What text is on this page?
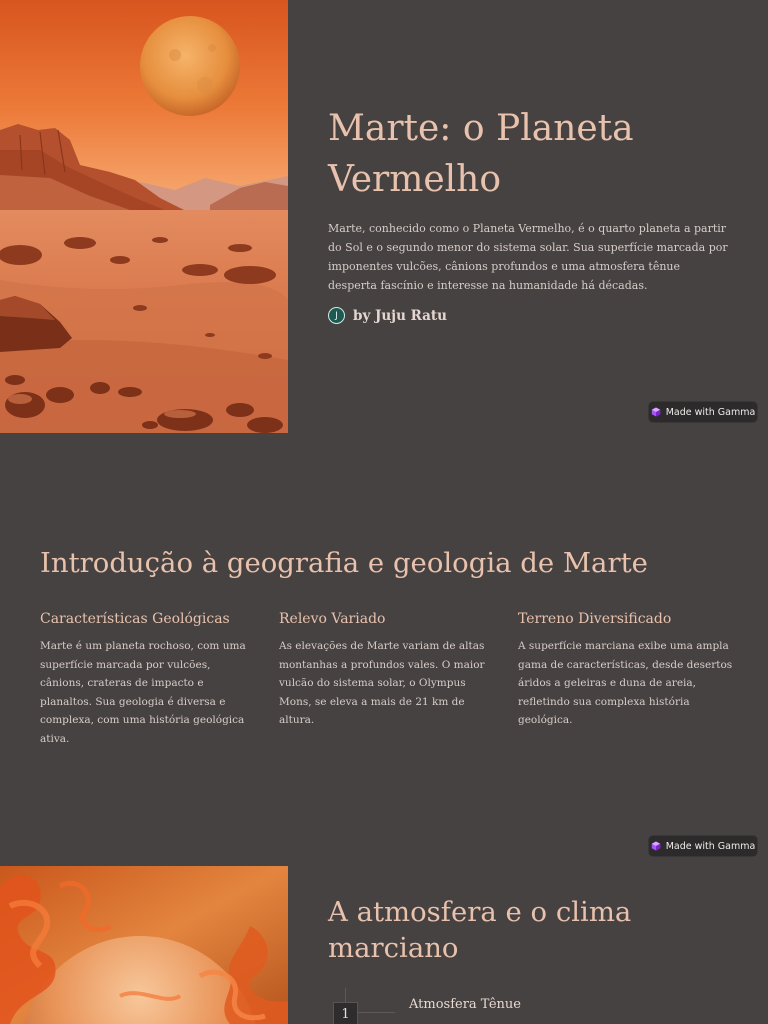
Marte: o Planeta Vermelho

Marte, conhecido como o Planeta Vermelho, é o quarto planeta a partir do Sol e o segundo menor do sistema solar. Sua superfície marcada por imponentes vulcões, cânions profundos e uma atmosfera tênue desperta fascínio e interesse na humanidade há décadas.

J	by Juju Ratu
Made with Gamma
Introdução à geografia e geologia de Marte
Características Geológicas
Marte é um planeta rochoso, com uma superfície marcada por vulcões, cânions, crateras de impacto e planaltos. Sua geologia é diversa e complexa, com uma história geológica ativa.
Relevo Variado
As elevações de Marte variam de altas montanhas a profundos vales. O maior vulcão do sistema solar, o Olympus Mons, se eleva a mais de 21 km de altura.
Terreno Diversificado
A superfície marciana exibe uma ampla gama de características, desde desertos áridos a geleiras e duna de areia, refletindo sua complexa história geológica.
Made with Gamma
A atmosfera e o clima marciano
1
Atmosfera Tênue
